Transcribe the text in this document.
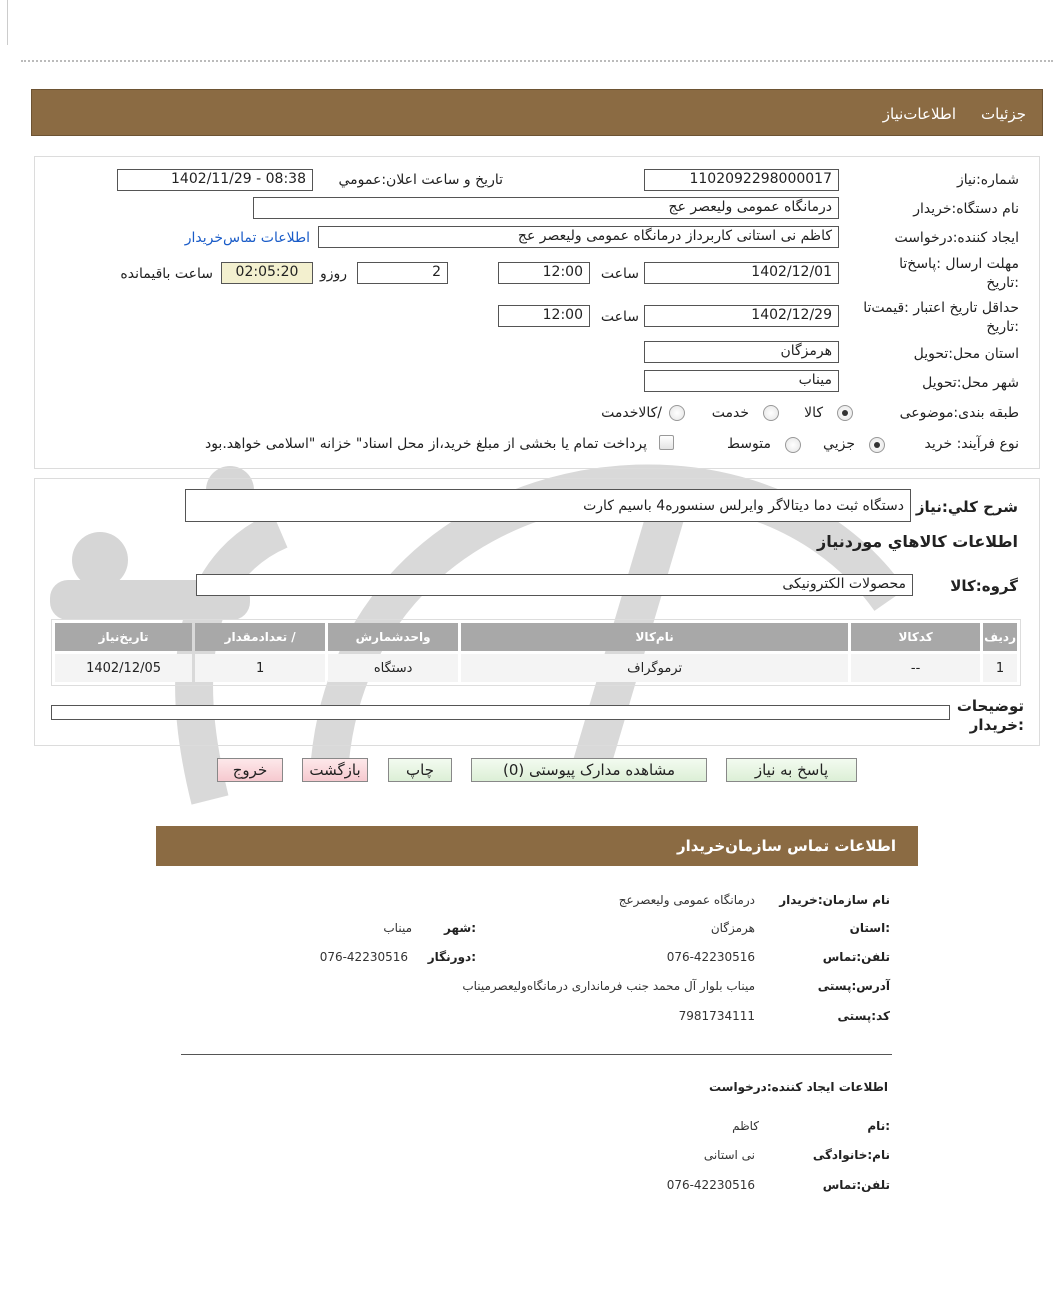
اطلاعات‌نياز جزئيات
شماره:نیاز
1102092298000017
تاريخ و ساعت اعلان:عمومي
1402/11/29 - 08:38
نام دستگاه:خريدار
درمانگاه عمومی ولیعصر عج
ايجاد کننده:درخواست
کاظم نی استانی کاربرداز درمانگاه عمومی ولیعصر عج
اطلاعات تماس‌خريدار
مهلت ارسال :پاسخ‌تا
:تاریخ
1402/12/01
ساعت
12:00
2
روزو
02:05:20
ساعت باقيمانده
حداقل تاريخ اعتبار :قيمت‌تا
:تاريخ
1402/12/29
ساعت
12:00
استان محل:تحويل
هرمزگان
شهر محل:تحويل
میناب
طبقه بندی:موضوعی
کالا
خدمت
/کالاخدمت
نوع فرآیند: خريد
جزيي
متوسط
پرداخت تمام يا بخشی از مبلغ خريد،از محل اسناد" خزانه "اسلامی خواهد.بود
شرح کلي:نياز
دستگاه ثبت دما دیتالاگر وایرلس سنسوره4 باسیم کارت
اطلاعات کالاهاي موردنياز
گروه:کالا
محصولات الکترونیکی
رديف	کدکالا	نام‌کالا	واحدشمارش	/ تعدادمقدار	تاريخ‌نياز
1	--	ترموگراف	دستگاه	1	1402/12/05
توضيحات
:خريدار
پاسخ به نياز
مشاهده مدارک پيوستی (0)
چاپ
بازگشت
خروج
اطلاعات تماس سازمان‌خريدار
نام سازمان:خريدار
درمانگاه عمومی ولیعصرعج
:استان
هرمزگان
:شهر
میناب
تلفن:تماس
076-42230516
:دورنگار
076-42230516
آدرس:پستی
میناب بلوار آل محمد جنب فرمانداری درمانگاه‌ولیعصرمیناب
کد:پستی
7981734111
اطلاعات ایجاد کننده:درخواست
:نام
کاظم
نام:خانوادگی
نی استانی
تلفن:تماس
076-42230516
